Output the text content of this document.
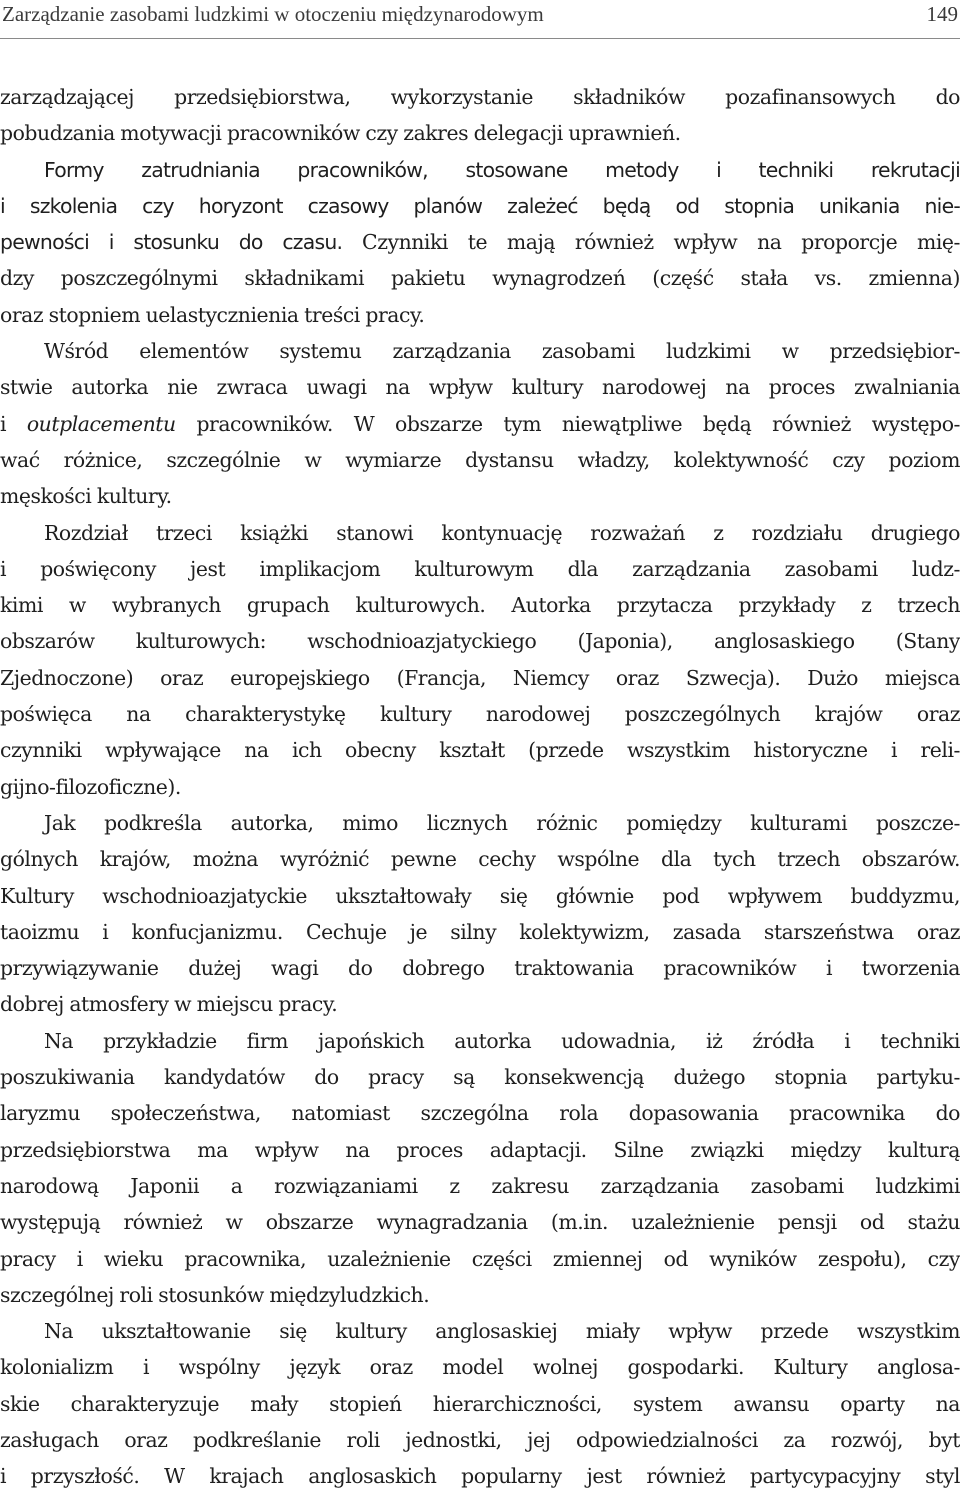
Zarządzanie zasobami ludzkimi w otoczeniu międzynarodowym	149
zarządzającej przedsiębiorstwa, wykorzystanie składników pozafinansowych do
pobudzania motywacji pracowników czy zakres delegacji uprawnień.
Formy zatrudniania pracowników, stosowane metody i techniki rekrutacji
i szkolenia czy horyzont czasowy planów zależeć będą od stopnia unikania nie-
pewności i stosunku do czasu. Czynniki te mają również wpływ na proporcje mię-
dzy poszczególnymi składnikami pakietu wynagrodzeń (część stała vs. zmienna)
oraz stopniem uelastycznienia treści pracy.
Wśród elementów systemu zarządzania zasobami ludzkimi w przedsiębior-
stwie autorka nie zwraca uwagi na wpływ kultury narodowej na proces zwalniania
i outplacementu pracowników. W obszarze tym niewątpliwe będą również występo-
wać różnice, szczególnie w wymiarze dystansu władzy, kolektywność czy poziom
męskości kultury.
Rozdział trzeci książki stanowi kontynuację rozważań z rozdziału drugiego
i poświęcony jest implikacjom kulturowym dla zarządzania zasobami ludz-
kimi w wybranych grupach kulturowych. Autorka przytacza przykłady z trzech
obszarów kulturowych: wschodnioazjatyckiego (Japonia), anglosaskiego (Stany
Zjednoczone) oraz europejskiego (Francja, Niemcy oraz Szwecja). Dużo miejsca
poświęca na charakterystykę kultury narodowej poszczególnych krajów oraz
czynniki wpływające na ich obecny kształt (przede wszystkim historyczne i reli-
gijno-filozoficzne).
Jak podkreśla autorka, mimo licznych różnic pomiędzy kulturami poszcze-
gólnych krajów, można wyróżnić pewne cechy wspólne dla tych trzech obszarów.
Kultury wschodnioazjatyckie ukształtowały się głównie pod wpływem buddyzmu,
taoizmu i konfucjanizmu. Cechuje je silny kolektywizm, zasada starszeństwa oraz
przywiązywanie dużej wagi do dobrego traktowania pracowników i tworzenia
dobrej atmosfery w miejscu pracy.
Na przykładzie firm japońskich autorka udowadnia, iż źródła i techniki
poszukiwania kandydatów do pracy są konsekwencją dużego stopnia partyku-
laryzmu społeczeństwa, natomiast szczególna rola dopasowania pracownika do
przedsiębiorstwa ma wpływ na proces adaptacji. Silne związki między kulturą
narodową Japonii a rozwiązaniami z zakresu zarządzania zasobami ludzkimi
występują również w obszarze wynagradzania (m.in. uzależnienie pensji od stażu
pracy i wieku pracownika, uzależnienie części zmiennej od wyników zespołu), czy
szczególnej roli stosunków międzyludzkich.
Na ukształtowanie się kultury anglosaskiej miały wpływ przede wszystkim
kolonializm i wspólny język oraz model wolnej gospodarki. Kultury anglosa-
skie charakteryzuje mały stopień hierarchiczności, system awansu oparty na
zasługach oraz podkreślanie roli jednostki, jej odpowiedzialności za rozwój, byt
i przyszłość. W krajach anglosaskich popularny jest również partycypacyjny styl
